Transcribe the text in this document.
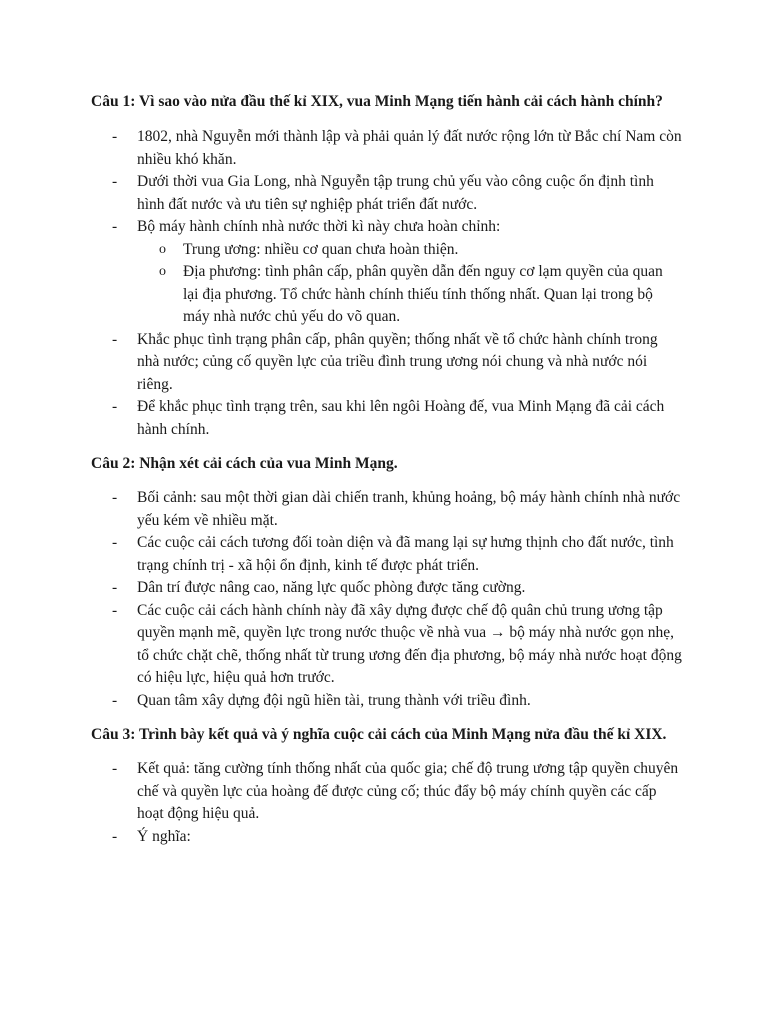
Câu 1: Vì sao vào nửa đầu thế kỉ XIX, vua Minh Mạng tiến hành cải cách hành chính?

- 1802, nhà Nguyễn mới thành lập và phải quản lý đất nước rộng lớn từ Bắc chí Nam còn nhiều khó khăn.
- Dưới thời vua Gia Long, nhà Nguyễn tập trung chủ yếu vào công cuộc ổn định tình hình đất nước và ưu tiên sự nghiệp phát triển đất nước.
- Bộ máy hành chính nhà nước thời kì này chưa hoàn chỉnh:
o Trung ương: nhiều cơ quan chưa hoàn thiện.
o Địa phương: tình phân cấp, phân quyền dẫn đến nguy cơ lạm quyền của quan lại địa phương. Tổ chức hành chính thiếu tính thống nhất. Quan lại trong bộ máy nhà nước chủ yếu do võ quan.
- Khắc phục tình trạng phân cấp, phân quyền; thống nhất về tổ chức hành chính trong nhà nước; củng cố quyền lực của triều đình trung ương nói chung và nhà nước nói riêng.
- Để khắc phục tình trạng trên, sau khi lên ngôi Hoàng đế, vua Minh Mạng đã cải cách hành chính.

Câu 2: Nhận xét cải cách của vua Minh Mạng.

- Bối cảnh: sau một thời gian dài chiến tranh, khủng hoảng, bộ máy hành chính nhà nước yếu kém về nhiều mặt.
- Các cuộc cải cách tương đối toàn diện và đã mang lại sự hưng thịnh cho đất nước, tình trạng chính trị - xã hội ổn định, kinh tế được phát triển.
- Dân trí được nâng cao, năng lực quốc phòng được tăng cường.
- Các cuộc cải cách hành chính này đã xây dựng được chế độ quân chủ trung ương tập quyền mạnh mẽ, quyền lực trong nước thuộc về nhà vua → bộ máy nhà nước gọn nhẹ, tổ chức chặt chẽ, thống nhất từ trung ương đến địa phương, bộ máy nhà nước hoạt động có hiệu lực, hiệu quả hơn trước.
- Quan tâm xây dựng đội ngũ hiền tài, trung thành với triều đình.

Câu 3: Trình bày kết quả và ý nghĩa cuộc cải cách của Minh Mạng nửa đầu thế kỉ XIX.

- Kết quả: tăng cường tính thống nhất của quốc gia; chế độ trung ương tập quyền chuyên chế và quyền lực của hoàng đế được củng cố; thúc đẩy bộ máy chính quyền các cấp hoạt động hiệu quả.
- Ý nghĩa:
